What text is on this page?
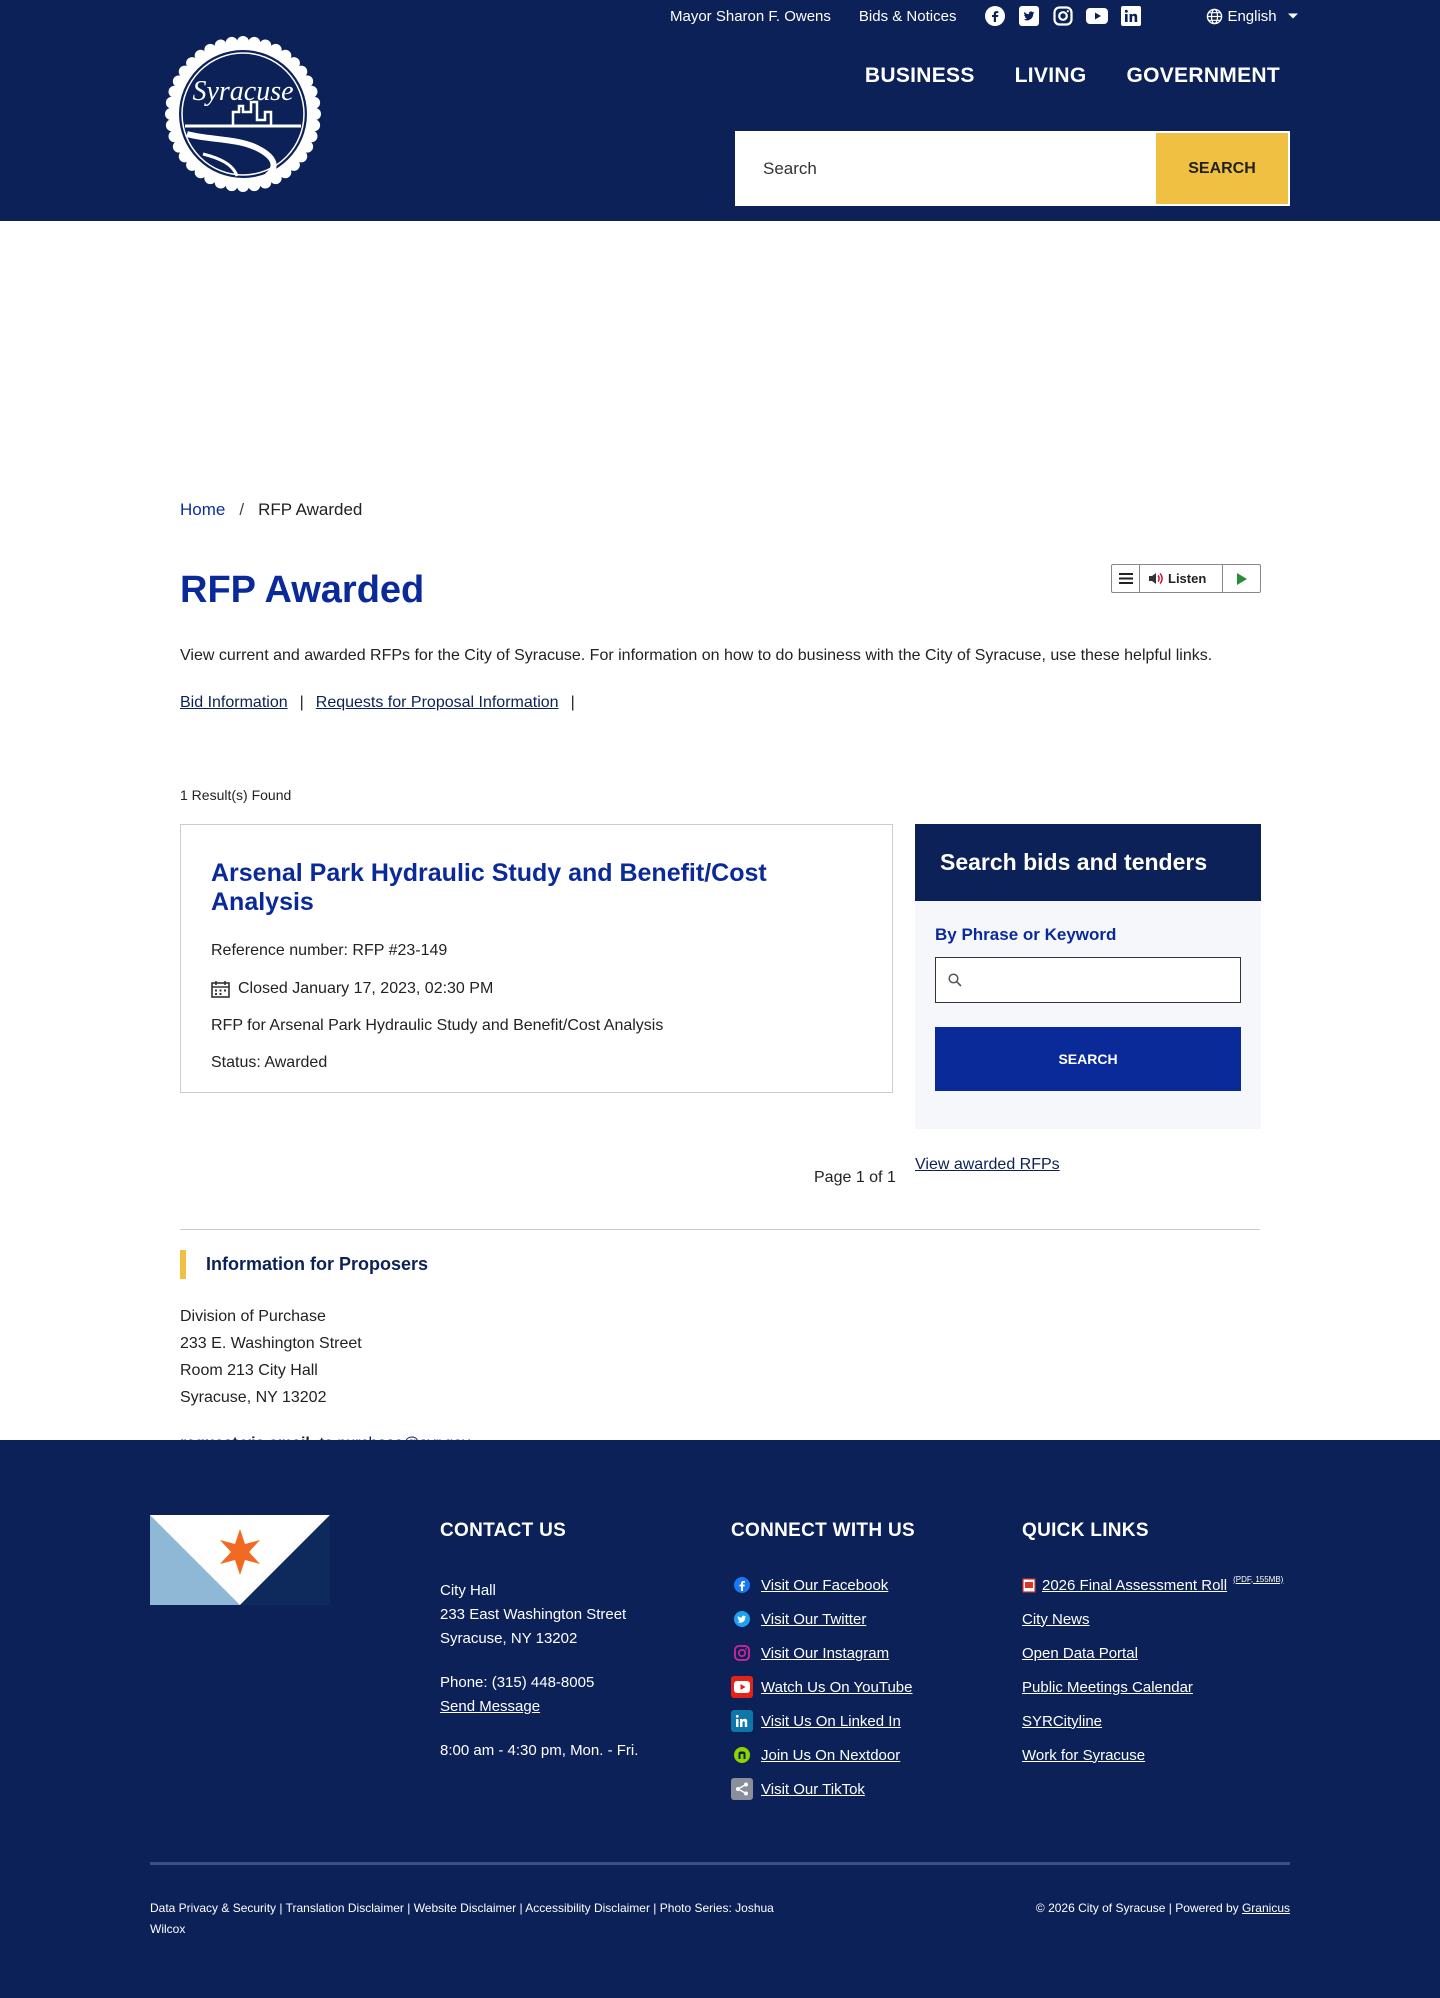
Mayor Sharon F. Owens Bids & Notices	English
Syracuse
BUSINESS LIVING GOVERNMENT
Search
SEARCH
Home / RFP Awarded
Listen
RFP Awarded

View current and awarded RFPs for the City of Syracuse. For information on how to do business with the City of Syracuse, use these helpful links.

Bid Information | Requests for Proposal Information |

1 Result(s) Found

Arsenal Park Hydraulic Study and Benefit/Cost Analysis

Reference number: RFP #23-149

Closed January 17, 2023, 02:30 PM

RFP for Arsenal Park Hydraulic Study and Benefit/Cost Analysis

Status: Awarded

Search bids and tenders
By Phrase or Keyword
SEARCH
View awarded RFPs

Page 1 of 1

Information for Proposers
Division of Purchase
233 E. Washington Street
Room 213 City Hall
Syracuse, NY 13202

CONTACT US
City Hall
233 East Washington Street
Syracuse, NY 13202
Phone: (315) 448-8005
Send Message
8:00 am - 4:30 pm, Mon. - Fri.
CONNECT WITH US
Visit Our Facebook
Visit Our Twitter
Visit Our Instagram
Watch Us On YouTube
Visit Us On Linked In
Join Us On Nextdoor
Visit Our TikTok
QUICK LINKS
2026 Final Assessment Roll (PDF, 155MB)
City News
Open Data Portal
Public Meetings Calendar
SYRCityline
Work for Syracuse
Data Privacy & Security | Translation Disclaimer | Website Disclaimer | Accessibility Disclaimer | Photo Series: Joshua Wilcox
© 2026 City of Syracuse | Powered by Granicus
